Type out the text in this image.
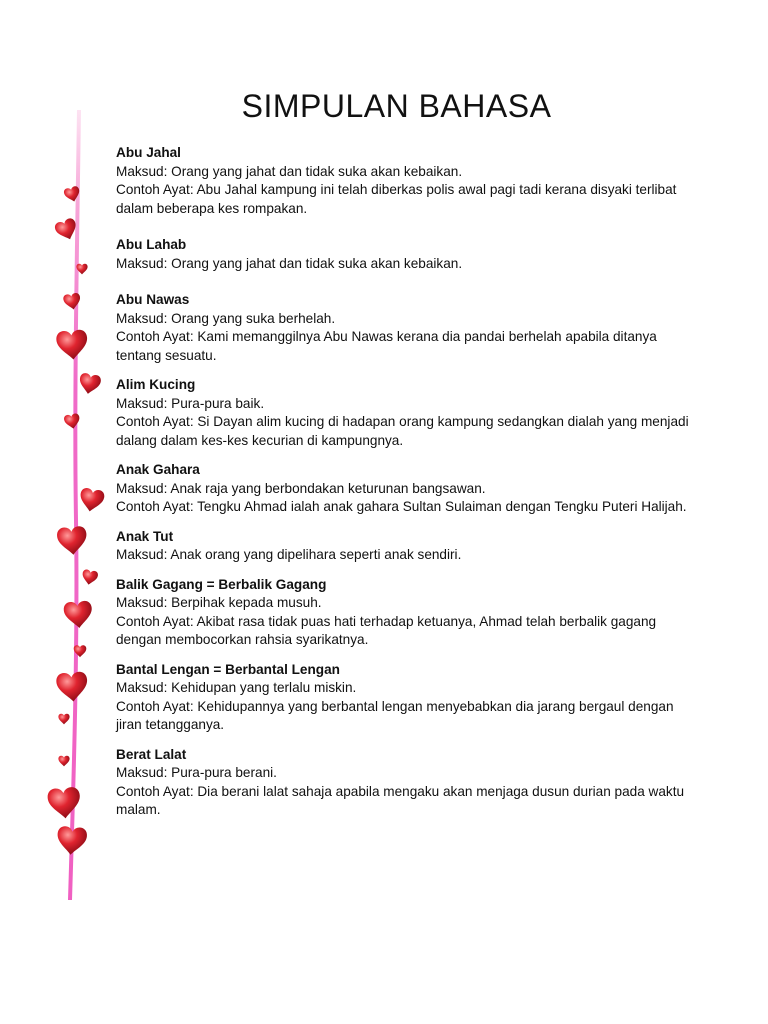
SIMPULAN BAHASA
Abu Jahal
Maksud: Orang yang jahat dan tidak suka akan kebaikan.
Contoh Ayat: Abu Jahal kampung ini telah diberkas polis awal pagi tadi kerana disyaki terlibat dalam beberapa kes rompakan.
Abu Lahab
Maksud: Orang yang jahat dan tidak suka akan kebaikan.
Abu Nawas
Maksud: Orang yang suka berhelah.
Contoh Ayat: Kami memanggilnya Abu Nawas kerana dia pandai berhelah apabila ditanya tentang sesuatu.
Alim Kucing
Maksud: Pura-pura baik.
Contoh Ayat: Si Dayan alim kucing di hadapan orang kampung sedangkan dialah yang menjadi dalang dalam kes-kes kecurian di kampungnya.
Anak Gahara
Maksud: Anak raja yang berbondakan keturunan bangsawan.
Contoh Ayat: Tengku Ahmad ialah anak gahara Sultan Sulaiman dengan Tengku Puteri Halijah.
Anak Tut
Maksud: Anak orang yang dipelihara seperti anak sendiri.
Balik Gagang = Berbalik Gagang
Maksud: Berpihak kepada musuh.
Contoh Ayat: Akibat rasa tidak puas hati terhadap ketuanya, Ahmad telah berbalik gagang dengan membocorkan rahsia syarikatnya.
Bantal Lengan = Berbantal Lengan
Maksud: Kehidupan yang terlalu miskin.
Contoh Ayat: Kehidupannya yang berbantal lengan menyebabkan dia jarang bergaul dengan jiran tetangganya.
Berat Lalat
Maksud: Pura-pura berani.
Contoh Ayat: Dia berani lalat sahaja apabila mengaku akan menjaga dusun durian pada waktu malam.
